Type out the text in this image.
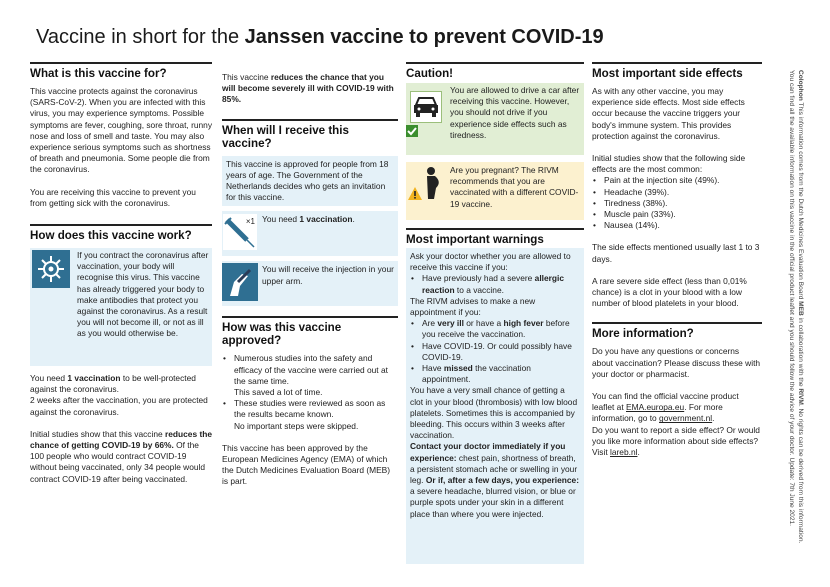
Vaccine in short for the Janssen vaccine to prevent COVID-19
What is this vaccine for?

This vaccine protects against the coronavirus (SARS-CoV-2). When you are infected with this virus, you may experience symptoms. Possible symptoms are fever, coughing, sore throat, runny nose and loss of smell and taste. You may also experience serious symptoms such as shortness of breath and pneumonia. Some people die from the coronavirus.

You are receiving this vaccine to prevent you from getting sick with the coronavirus.

How does this vaccine work?
If you contract the coronavirus after vaccination, your body will recognise this virus. This vaccine has already triggered your body to make antibodies that protect you against the coronavirus. As a result you will not become ill, or not as ill as you would otherwise be.

You need 1 vaccination to be well-protected against the coronavirus.

2 weeks after the vaccination, you are protected against the coronavirus.

Initial studies show that this vaccine reduces the chance of getting COVID-19 by 66%. Of the 100 people who would contract COVID-19 without being vaccinated, only 34 people would contract COVID-19 after being vaccinated.

This vaccine reduces the chance that you will become severely ill with COVID-19 with 85%.
When will I receive this vaccine?
This vaccine is approved for people from 18 years of age. The Government of the Netherlands decides who gets an invitation for this vaccine.
×1 You need 1 vaccination.
You will receive the injection in your upper arm.
How was this vaccine approved?
• Numerous studies into the safety and efficacy of the vaccine were carried out at the same time.
This saved a lot of time.
• These studies were reviewed as soon as the results became known.
No important steps were skipped.

This vaccine has been approved by the European Medicines Agency (EMA) of which the Dutch Medicines Evaluation Board (MEB) is part.

Caution!
You are allowed to drive a car after receiving this vaccine. However, you should not drive if you experience side effects such as tiredness.
Are you pregnant? The RIVM recommends that you are vaccinated with a different COVID-19 vaccine.
Most important warnings
Ask your doctor whether you are allowed to receive this vaccine if you:
• Have previously had a severe allergic reaction to a vaccine.
The RIVM advises to make a new appointment if you:
• Are very ill or have a high fever before you receive the vaccination.
• Have COVID-19. Or could possibly have COVID-19.
• Have missed the vaccination appointment.
You have a very small chance of getting a clot in your blood (thrombosis) with low blood platelets. Sometimes this is accompanied by bleeding. This occurs within 3 weeks after vaccination.
Contact your doctor immediately if you experience: chest pain, shortness of breath, a persistent stomach ache or swelling in your leg. Or if, after a few days, you experience: a severe headache, blurred vision, or blue or purple spots under your skin in a different place than where you were injected.
Most important side effects

As with any other vaccine, you may experience side effects. Most side effects occur because the vaccine triggers your body's immune system. This provides protection against the coronavirus.

Initial studies show that the following side effects are the most common:

• Pain at the injection site (49%).
• Headache (39%).
• Tiredness (38%).
• Muscle pain (33%).
• Nausea (14%).

The side effects mentioned usually last 1 to 3 days.

A rare severe side effect (less than 0,01% chance) is a clot in your blood with a low number of blood platelets in your blood.

More information?

Do you have any questions or concerns about vaccination? Please discuss these with your doctor or pharmacist.

You can find the official vaccine product leaflet at EMA.europa.eu. For more information, go to government.nl.

Do you want to report a side effect? Or would you like more information about side effects? Visit lareb.nl.

Colophon This information comes from the Dutch Medicines Evaluation Board MEB in collaboration with the RIVM. No rights can be derived from this information.
You can find all the available information on this vaccine in the official product leaflet and you should follow the advice of your doctor. Update: 7th June 2021.
